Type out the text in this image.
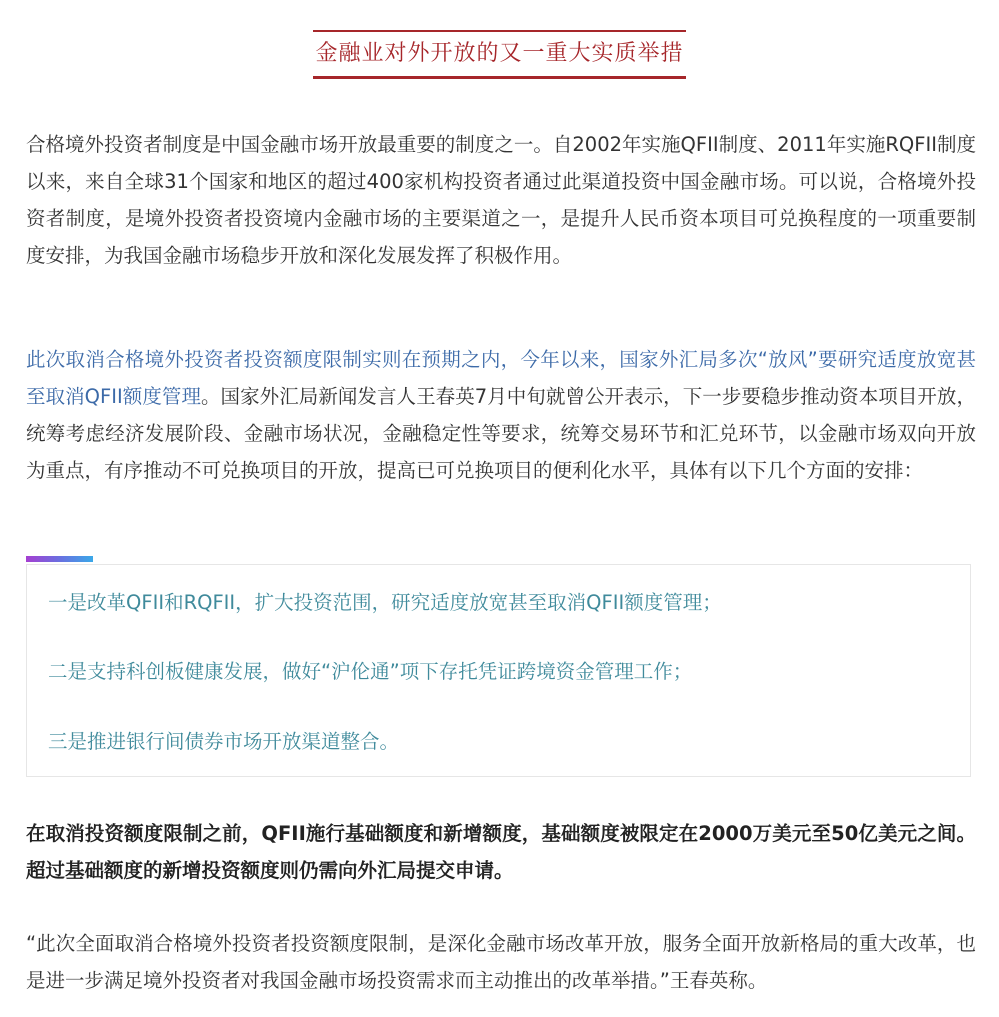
金融业对外开放的又一重大实质举措

合格境外投资者制度是中国金融市场开放最重要的制度之一。自2002年实施QFII制度、2011年实施RQFII制度以来，来自全球31个国家和地区的超过400家机构投资者通过此渠道投资中国金融市场。可以说，合格境外投资者制度，是境外投资者投资境内金融市场的主要渠道之一，是提升人民币资本项目可兑换程度的一项重要制度安排，为我国金融市场稳步开放和深化发展发挥了积极作用。

此次取消合格境外投资者投资额度限制实则在预期之内，今年以来，国家外汇局多次“放风”要研究适度放宽甚至取消QFII额度管理。国家外汇局新闻发言人王春英7月中旬就曾公开表示，下一步要稳步推动资本项目开放，统筹考虑经济发展阶段、金融市场状况，金融稳定性等要求，统筹交易环节和汇兑环节，以金融市场双向开放为重点，有序推动不可兑换项目的开放，提高已可兑换项目的便利化水平，具体有以下几个方面的安排：

一是改革QFII和RQFII，扩大投资范围，研究适度放宽甚至取消QFII额度管理；
二是支持科创板健康发展，做好“沪伦通”项下存托凭证跨境资金管理工作；
三是推进银行间债券市场开放渠道整合。

在取消投资额度限制之前，QFII施行基础额度和新增额度，基础额度被限定在2000万美元至50亿美元之间。超过基础额度的新增投资额度则仍需向外汇局提交申请。

“此次全面取消合格境外投资者投资额度限制，是深化金融市场改革开放，服务全面开放新格局的重大改革，也是进一步满足境外投资者对我国金融市场投资需求而主动推出的改革举措。”王春英称。
